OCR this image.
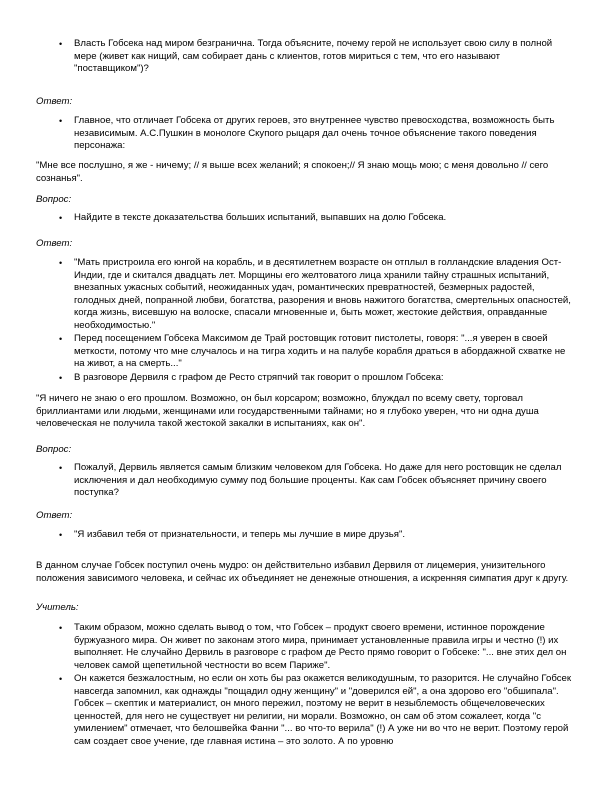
• Власть Гобсека над миром безгранична. Тогда объясните, почему герой не использует свою силу в полной мере (живет как нищий, сам собирает дань с клиентов, готов мириться с тем, что его называют "поставщиком")?

Ответ:
• Главное, что отличает Гобсека от других героев, это внутреннее чувство превосходства, возможность быть независимым. А.С.Пушкин в монологе Скупого рыцаря дал очень точное объяснение такого поведения персонажа:

"Мне все послушно, я же - ничему; // я выше всех желаний; я спокоен;// Я знаю мощь мою; с меня довольно // сего сознанья".

Вопрос:
• Найдите в тексте доказательства больших испытаний, выпавших на долю Гобсека.

Ответ:
• "Мать пристроила его юнгой на корабль, и в десятилетнем возрасте он отплыл в голландские владения Ост-Индии, где и скитался двадцать лет. Морщины его желтоватого лица хранили тайну страшных испытаний, внезапных ужасных событий, неожиданных удач, романтических превратностей, безмерных радостей, голодных дней, попранной любви, богатства, разорения и вновь нажитого богатства, смертельных опасностей, когда жизнь, висевшую на волоске, спасали мгновенные и, быть может, жестокие действия, оправданные необходимостью."

• Перед посещением Гобсека Максимом де Трай ростовщик готовит пистолеты, говоря: "...я уверен в своей меткости, потому что мне случалось и на тигра ходить и на палубе корабля драться в абордажной схватке не на живот, а на смерть..."

• В разговоре Дервиля с графом де Ресто стряпчий так говорит о прошлом Гобсека:

"Я ничего не знаю о его прошлом. Возможно, он был корсаром; возможно, блуждал по всему свету, торговал бриллиантами или людьми, женщинами или государственными тайнами; но я глубоко уверен, что ни одна душа человеческая не получила такой жестокой закалки в испытаниях, как он".

Вопрос:
• Пожалуй, Дервиль является самым близким человеком для Гобсека. Но даже для него ростовщик не сделал исключения и дал необходимую сумму под большие проценты. Как сам Гобсек объясняет причину своего поступка?

Ответ:
• "Я избавил тебя от признательности, и теперь мы лучшие в мире друзья".

В данном случае Гобсек поступил очень мудро: он действительно избавил Дервиля от лицемерия, унизительного положения зависимого человека, и сейчас их объединяет не денежные отношения, а искренняя симпатия друг к другу.

Учитель:
• Таким образом, можно сделать вывод о том, что Гобсек – продукт своего времени, истинное порождение буржуазного мира. Он живет по законам этого мира, принимает установленные правила игры и честно (!) их выполняет. Не случайно Дервиль в разговоре с графом де Ресто прямо говорит о Гобсеке: "... вне этих дел он человек самой щепетильной честности во всем Париже".

• Он кажется безжалостным, но если он хоть бы раз окажется великодушным, то разорится. Не случайно Гобсек навсегда запомнил, как однажды "пощадил одну женщину" и "доверился ей", а она здорово его "обшипала". Гобсек – скептик и материалист, он много пережил, поэтому не верит в незыблемость общечеловеческих ценностей, для него не существует ни религии, ни морали. Возможно, он сам об этом сожалеет, когда "с умилением" отмечает, что белошвейка Фанни "... во что-то верила" (!) А уже ни во что не верит. Поэтому герой сам создает свое учение, где главная истина – это золото. А по уровню
